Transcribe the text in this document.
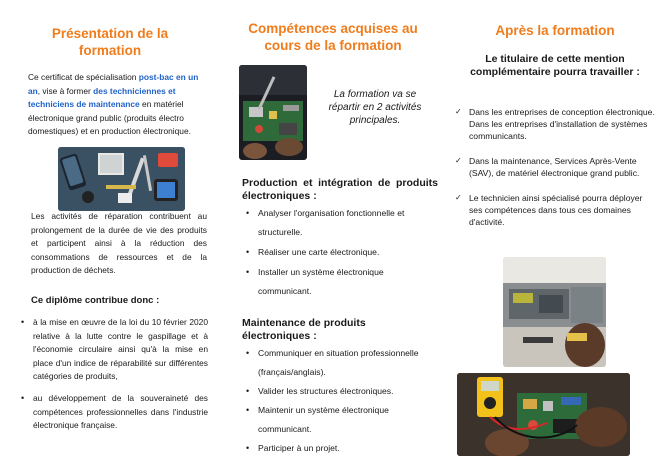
Présentation de la
formation

Ce certificat de spécialisation post-bac en un an, vise à former des techniciennes et techniciens de maintenance en matériel électronique grand public (produits électro domestiques) et en production électronique.

Les activités de réparation contribuent au prolongement de la durée de vie des produits et participent ainsi à la réduction des consommations de ressources et de la production de déchets.

Ce diplôme contribue donc :
• à la mise en œuvre de la loi du 10 février 2020 relative à la lutte contre le gaspillage et à l'économie circulaire ainsi qu'à la mise en place d'un indice de réparabilité sur différentes catégories de produits,
• au développement de la souveraineté des compétences professionnelles dans l'industrie électronique française.
Compétences acquises au
cours de la formation
La formation va se
répartir en 2 activités
principales.
Production et intégration de produits électroniques :
• Analyser l'organisation fonctionnelle et structurelle.
• Réaliser une carte électronique.
• Installer un système électronique communicant.
Maintenance de produits électroniques :
• Communiquer en situation professionnelle (français/anglais).
• Valider les structures électroniques.
• Maintenir un système électronique communicant.
• Participer à un projet.
Après la formation
Le titulaire de cette mention complémentaire pourra travailler :
✓ Dans les entreprises de conception électronique. Dans les entreprises d'installation de systèmes communicants.
✓ Dans la maintenance, Services Après-Vente (SAV), de matériel électronique grand public.
✓ Le technicien ainsi spécialisé pourra déployer ses compétences dans tous ces domaines d'activité.
